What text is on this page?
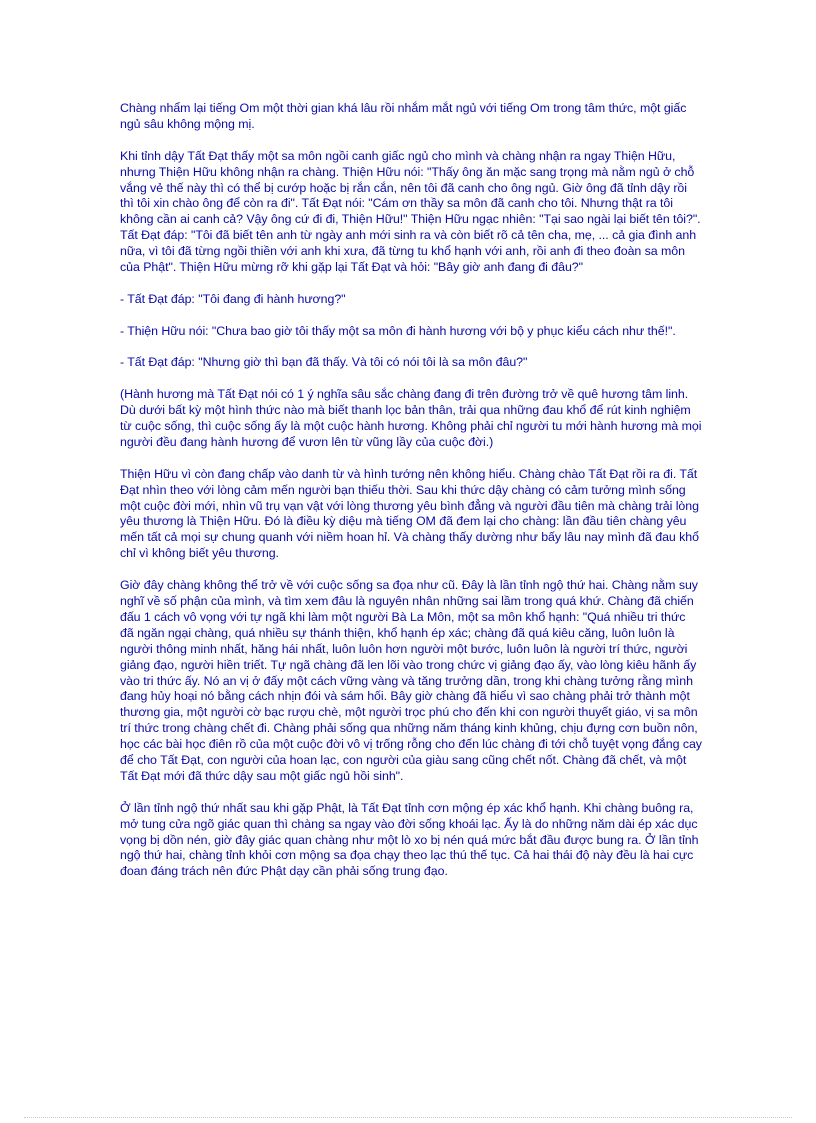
Chàng nhẩm lại tiếng Om một thời gian khá lâu rồi nhắm mắt ngủ với tiếng Om trong tâm thức, một giấc ngủ sâu không mộng mị.

Khi tỉnh dậy Tất Đạt thấy một sa môn ngồi canh giấc ngủ cho mình và chàng nhận ra ngay Thiện Hữu, nhưng Thiện Hữu không nhận ra chàng. Thiện Hữu nói: "Thấy ông ăn mặc sang trọng mà nằm ngủ ở chỗ vắng vẻ thế này thì có thể bị cướp hoặc bị rắn cắn, nên tôi đã canh cho ông ngủ. Giờ ông đã tỉnh dậy rồi thì tôi xin chào ông để còn ra đi". Tất Đạt nói: "Cám ơn thầy sa môn đã canh cho tôi. Nhưng thật ra tôi không cần ai canh cả? Vậy ông cứ đi đi, Thiện Hữu!" Thiện Hữu ngạc nhiên: "Tại sao ngài lại biết tên tôi?". Tất Đạt đáp: "Tôi đã biết tên anh từ ngày anh mới sinh ra và còn biết rõ cả tên cha, mẹ, ... cả gia đình anh nữa, vì tôi đã từng ngồi thiền với anh khi xưa, đã từng tu khổ hạnh với anh, rồi anh đi theo đoàn sa môn của Phật". Thiện Hữu mừng rỡ khi gặp lại Tất Đạt và hỏi: "Bây giờ anh đang đi đâu?"

- Tất Đạt đáp: "Tôi đang đi hành hương?"

- Thiện Hữu nói: "Chưa bao giờ tôi thấy một sa môn đi hành hương với bộ y phục kiểu cách như thế!".

- Tất Đạt đáp: "Nhưng giờ thì bạn đã thấy. Và tôi có nói tôi là sa môn đâu?"

(Hành hương mà Tất Đạt nói có 1 ý nghĩa sâu sắc chàng đang đi trên đường trở về quê hương tâm linh. Dù dưới bất kỳ một hình thức nào mà biết thanh lọc bản thân, trải qua những đau khổ để rút kinh nghiệm từ cuộc sống, thì cuộc sống ấy là một cuộc hành hương. Không phải chỉ người tu mới hành hương mà mọi người đều đang hành hương để vươn lên từ vũng lầy của cuộc đời.)

Thiện Hữu vì còn đang chấp vào danh từ và hình tướng nên không hiểu. Chàng chào Tất Đạt rồi ra đi. Tất Đạt nhìn theo với lòng cảm mến người bạn thiếu thời. Sau khi thức dậy chàng có cảm tưởng mình sống một cuộc đời mới, nhìn vũ trụ vạn vật với lòng thương yêu bình đẳng và người đầu tiên mà chàng trải lòng yêu thương là Thiện Hữu. Đó là điều kỳ diệu mà tiếng OM đã đem lại cho chàng: lần đầu tiên chàng yêu mến tất cả mọi sự chung quanh với niềm hoan hỉ. Và chàng thấy dường như bấy lâu nay mình đã đau khổ chỉ vì không biết yêu thương.

Giờ đây chàng không thể trở về với cuộc sống sa đọa như cũ. Đây là lần tỉnh ngộ thứ hai. Chàng nằm suy nghĩ về số phận của mình, và tìm xem đâu là nguyên nhân những sai lầm trong quá khứ. Chàng đã chiến đấu 1 cách vô vọng với tự ngã khi làm một người Bà La Môn, một sa môn khổ hạnh: "Quá nhiều tri thức đã ngăn ngại chàng, quá nhiều sự thánh thiện, khổ hạnh ép xác; chàng đã quá kiêu căng, luôn luôn là người thông minh nhất, hăng hái nhất, luôn luôn hơn người một bước, luôn luôn là người trí thức, người giảng đạo, người hiền triết. Tự ngã chàng đã len lõi vào trong chức vị giảng đạo ấy, vào lòng kiêu hãnh ấy vào tri thức ấy. Nó an vị ở đấy một cách vững vàng và tăng trưởng dần, trong khi chàng tưởng rằng mình đang hủy hoại nó bằng cách nhịn đói và sám hối. Bây giờ chàng đã hiểu vì sao chàng phải trở thành một thương gia, một người cờ bạc rượu chè, một người trọc phú cho đến khi con người thuyết giáo, vị sa môn trí thức trong chàng chết đi. Chàng phải sống qua những năm tháng kinh khủng, chịu đựng cơn buồn nôn, học các bài học điên rồ của một cuộc đời vô vị trống rỗng cho đến lúc chàng đi tới chỗ tuyệt vọng đắng cay để cho Tất Đạt, con người của hoan lạc, con người của giàu sang cũng chết nốt. Chàng đã chết, và một Tất Đạt mới đã thức dậy sau một giấc ngủ hồi sinh".

Ở lần tỉnh ngộ thứ nhất sau khi gặp Phật, là Tất Đạt tỉnh cơn mộng ép xác khổ hạnh. Khi chàng buông ra, mở tung cửa ngõ giác quan thì chàng sa ngay vào đời sống khoái lạc. Ấy là do những năm dài ép xác dục vọng bị dồn nén, giờ đây giác quan chàng như một lò xo bị nén quá mức bắt đầu được bung ra. Ở lần tỉnh ngộ thứ hai, chàng tỉnh khỏi cơn mộng sa đọa chạy theo lạc thú thế tục. Cả hai thái độ này đều là hai cực đoan đáng trách nên đức Phật dạy cần phải sống trung đạo.
